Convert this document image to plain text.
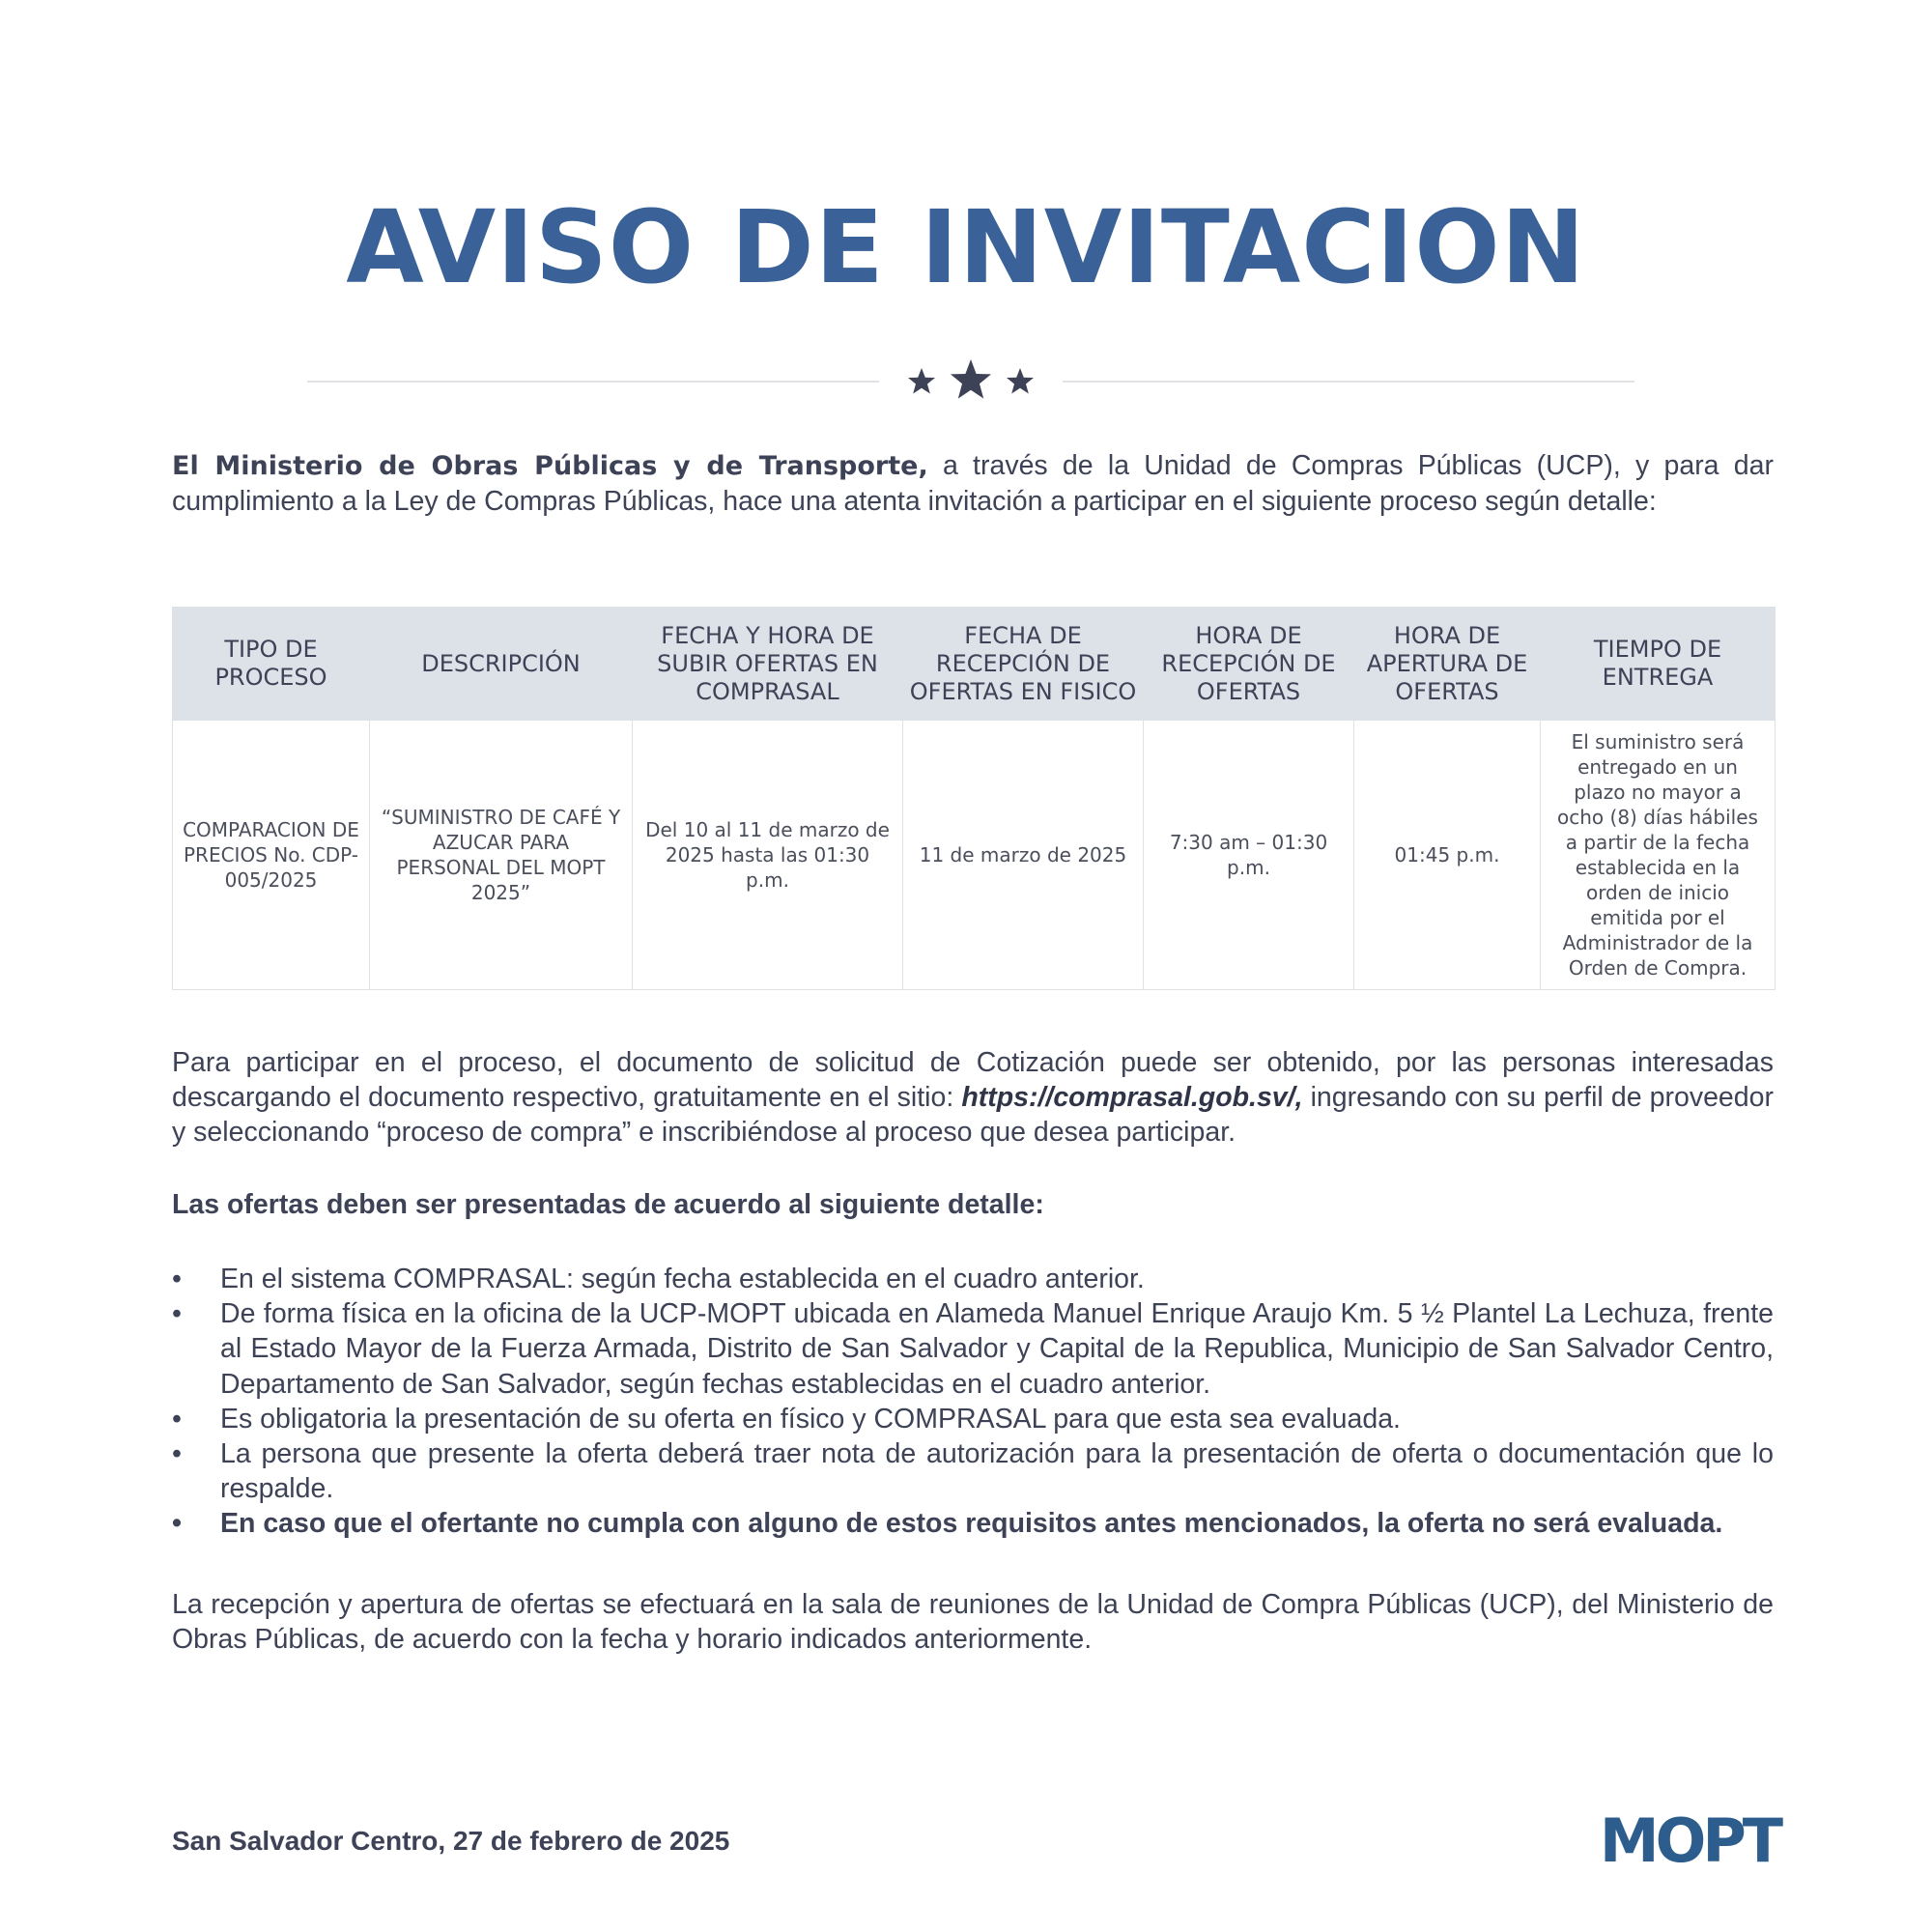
AVISO DE INVITACION

El Ministerio de Obras Públicas y de Transporte, a través de la Unidad de Compras Públicas (UCP), y para dar cumplimiento a la Ley de Compras Públicas, hace una atenta invitación a participar en el siguiente proceso según detalle:

TIPO DE PROCESO	DESCRIPCIÓN	FECHA Y HORA DE SUBIR OFERTAS EN COMPRASAL	FECHA DE RECEPCIÓN DE OFERTAS EN FISICO	HORA DE RECEPCIÓN DE OFERTAS	HORA DE APERTURA DE OFERTAS	TIEMPO DE ENTREGA
COMPARACION DE PRECIOS No. CDP- 005/2025	“SUMINISTRO DE CAFÉ Y AZUCAR PARA PERSONAL DEL MOPT 2025”	Del 10 al 11 de marzo de 2025 hasta las 01:30 p.m.	11 de marzo de 2025	7:30 am – 01:30 p.m.	01:45 p.m.	El suministro será entregado en un plazo no mayor a ocho (8) días hábiles a partir de la fecha establecida en la orden de inicio emitida por el Administrador de la Orden de Compra.

Para participar en el proceso, el documento de solicitud de Cotización puede ser obtenido, por las personas interesadas descargando el documento respectivo, gratuitamente en el sitio: https://comprasal.gob.sv/, ingresando con su perfil de proveedor y seleccionando “proceso de compra” e inscribiéndose al proceso que desea participar.

Las ofertas deben ser presentadas de acuerdo al siguiente detalle:
•	En el sistema COMPRASAL: según fecha establecida en el cuadro anterior.
•	De forma física en la oficina de la UCP-MOPT ubicada en Alameda Manuel Enrique Araujo Km. 5 ½ Plantel La Lechuza, frente al Estado Mayor de la Fuerza Armada, Distrito de San Salvador y Capital de la Republica, Municipio de San Salvador Centro, Departamento de San Salvador, según fechas establecidas en el cuadro anterior.
•	Es obligatoria la presentación de su oferta en físico y COMPRASAL para que esta sea evaluada.
•	La persona que presente la oferta deberá traer nota de autorización para la presentación de oferta o documentación que lo respalde.
•	En caso que el ofertante no cumpla con alguno de estos requisitos antes mencionados, la oferta no será evaluada.

La recepción y apertura de ofertas se efectuará en la sala de reuniones de la Unidad de Compra Públicas (UCP), del Ministerio de Obras Públicas, de acuerdo con la fecha y horario indicados anteriormente.

San Salvador Centro, 27 de febrero de 2025	MOPT
